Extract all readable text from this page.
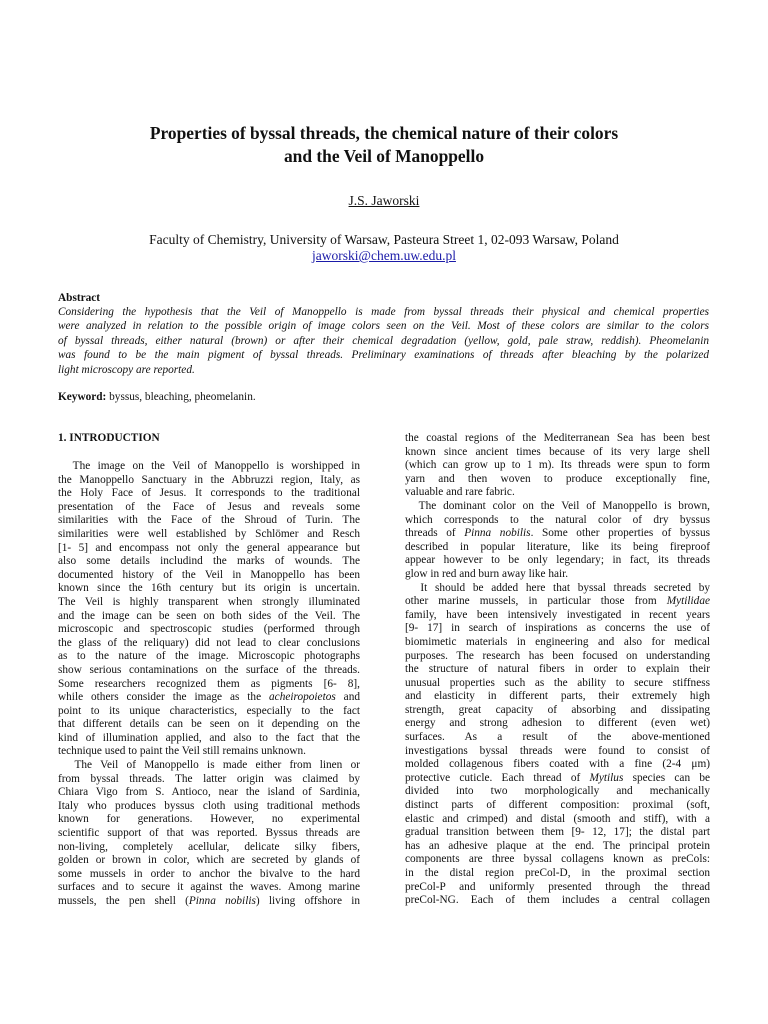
Properties of byssal threads, the chemical nature of their colors
and the Veil of Manoppello
J.S. Jaworski
Faculty of Chemistry, University of Warsaw, Pasteura Street 1, 02-093 Warsaw, Poland
jaworski@chem.uw.edu.pl
Abstract
Considering the hypothesis that the Veil of Manoppello is made from byssal threads their physical and chemical properties
were analyzed in relation to the possible origin of image colors seen on the Veil. Most of these colors are similar to the colors
of byssal threads, either natural (brown) or after their chemical degradation (yellow, gold, pale straw, reddish). Pheomelanin
was found to be the main pigment of byssal threads. Preliminary examinations of threads after bleaching by the polarized
light microscopy are reported.
Keyword: byssus, bleaching, pheomelanin.
1. INTRODUCTION
The image on the Veil of Manoppello is worshipped in
the Manoppello Sanctuary in the Abbruzzi region, Italy, as
the Holy Face of Jesus. It corresponds to the traditional
presentation of the Face of Jesus and reveals some
similarities with the Face of the Shroud of Turin. The
similarities were well established by Schlömer and Resch
[1- 5] and encompass not only the general appearance but
also some details includind the marks of wounds. The
documented history of the Veil in Manoppello has been
known since the 16th century but its origin is uncertain.
The Veil is highly transparent when strongly illuminated
and the image can be seen on both sides of the Veil. The
microscopic and spectroscopic studies (performed through
the glass of the reliquary) did not lead to clear conclusions
as to the nature of the image. Microscopic photographs
show serious contaminations on the surface of the threads.
Some researchers recognized them as pigments [6- 8],
while others consider the image as the acheiropoietos and
point to its unique characteristics, especially to the fact
that different details can be seen on it depending on the
kind of illumination applied, and also to the fact that the
technique used to paint the Veil still remains unknown.
The Veil of Manoppello is made either from linen or
from byssal threads. The latter origin was claimed by
Chiara Vigo from S. Antioco, near the island of Sardinia,
Italy who produces byssus cloth using traditional methods
known for generations. However, no experimental
scientific support of that was reported. Byssus threads are
non-living, completely acellular, delicate silky fibers,
golden or brown in color, which are secreted by glands of
some mussels in order to anchor the bivalve to the hard
surfaces and to secure it against the waves. Among marine
mussels, the pen shell (Pinna nobilis) living offshore in
the coastal regions of the Mediterranean Sea has been best
known since ancient times because of its very large shell
(which can grow up to 1 m). Its threads were spun to form
yarn and then woven to produce exceptionally fine,
valuable and rare fabric.
The dominant color on the Veil of Manoppello is brown,
which corresponds to the natural color of dry byssus
threads of Pinna nobilis. Some other properties of byssus
described in popular literature, like its being fireproof
appear however to be only legendary; in fact, its threads
glow in red and burn away like hair.
It should be added here that byssal threads secreted by
other marine mussels, in particular those from Mytilidae
family, have been intensively investigated in recent years
[9- 17] in search of inspirations as concerns the use of
biomimetic materials in engineering and also for medical
purposes. The research has been focused on understanding
the structure of natural fibers in order to explain their
unusual properties such as the ability to secure stiffness
and elasticity in different parts, their extremely high
strength, great capacity of absorbing and dissipating
energy and strong adhesion to different (even wet)
surfaces. As a result of the above-mentioned
investigations byssal threads were found to consist of
molded collagenous fibers coated with a fine (2-4 μm)
protective cuticle. Each thread of Mytilus species can be
divided into two morphologically and mechanically
distinct parts of different composition: proximal (soft,
elastic and crimped) and distal (smooth and stiff), with a
gradual transition between them [9- 12, 17]; the distal part
has an adhesive plaque at the end. The principal protein
components are three byssal collagens known as preCols:
in the distal region preCol-D, in the proximal section
preCol-P and uniformly presented through the thread
preCol-NG. Each of them includes a central collagen
